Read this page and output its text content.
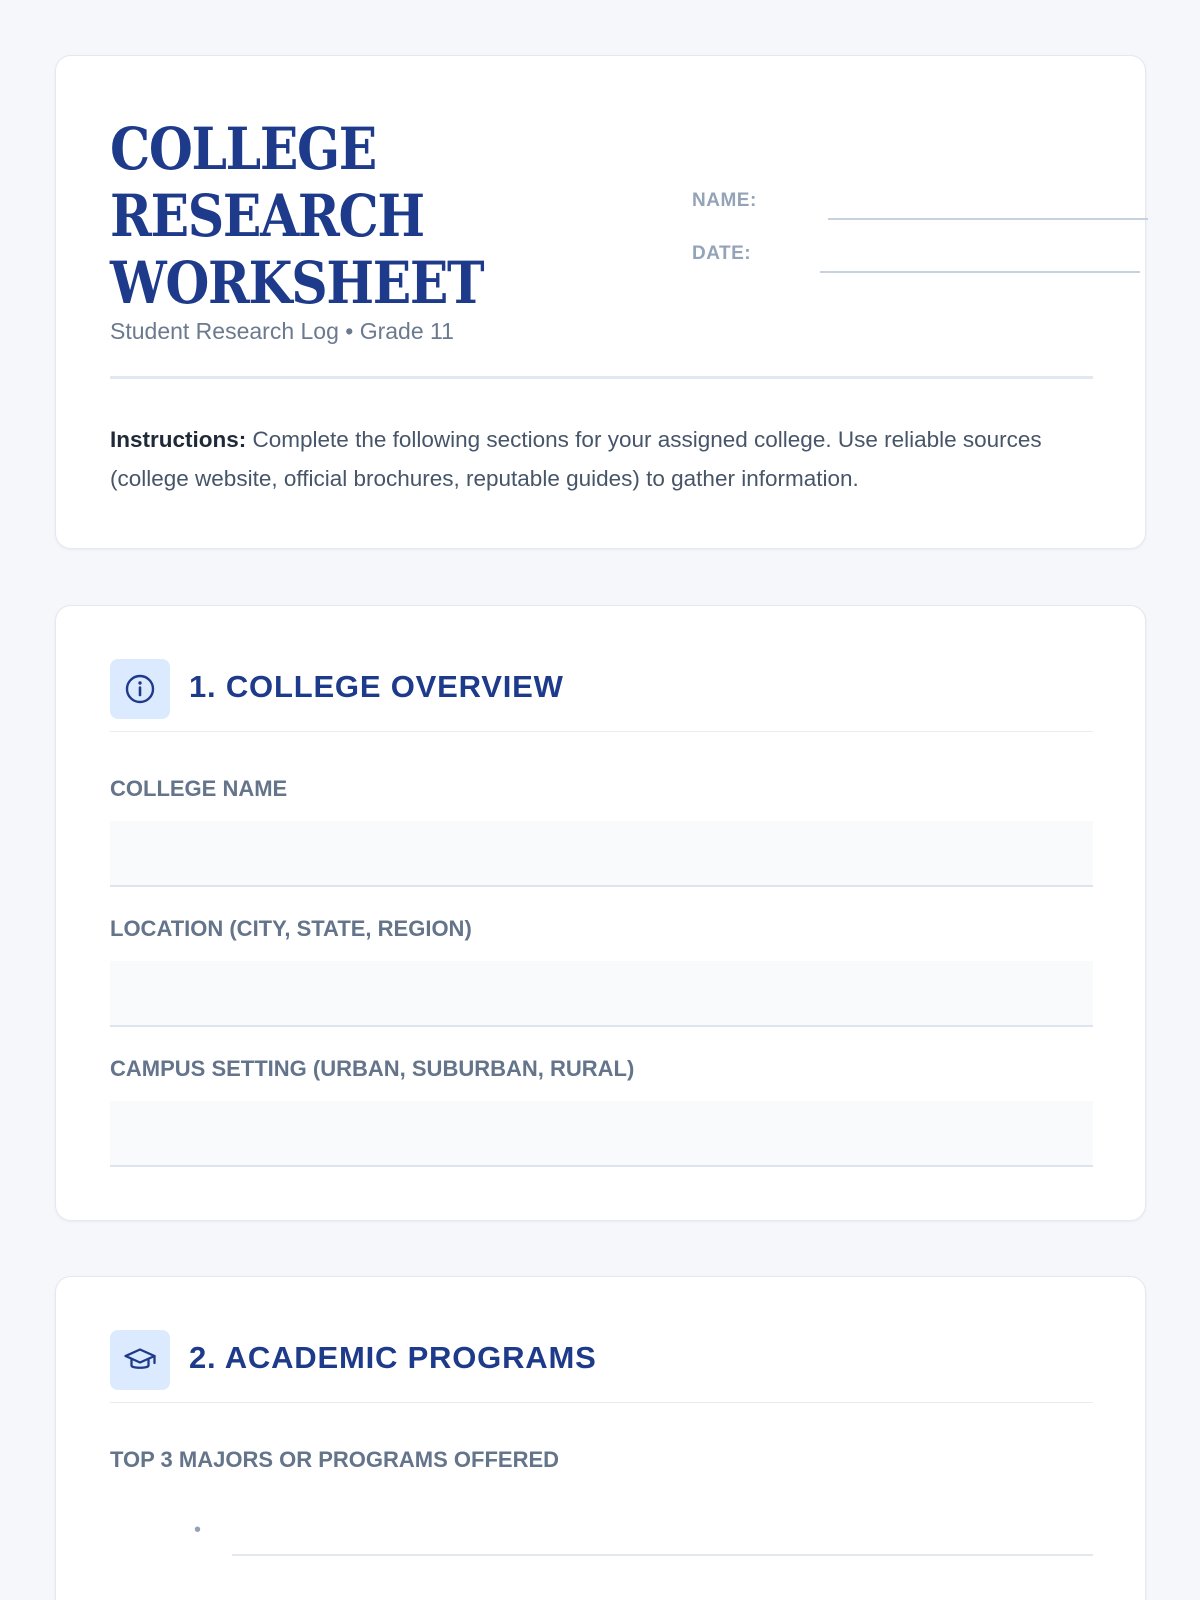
COLLEGE
RESEARCH
WORKSHEET
Student Research Log • Grade 11
NAME:
DATE:

Instructions: Complete the following sections for your assigned college. Use reliable sources (college website, official brochures, reputable guides) to gather information.

1. COLLEGE OVERVIEW
COLLEGE NAME
LOCATION (CITY, STATE, REGION)
CAMPUS SETTING (URBAN, SUBURBAN, RURAL)
2. ACADEMIC PROGRAMS
TOP 3 MAJORS OR PROGRAMS OFFERED
•
